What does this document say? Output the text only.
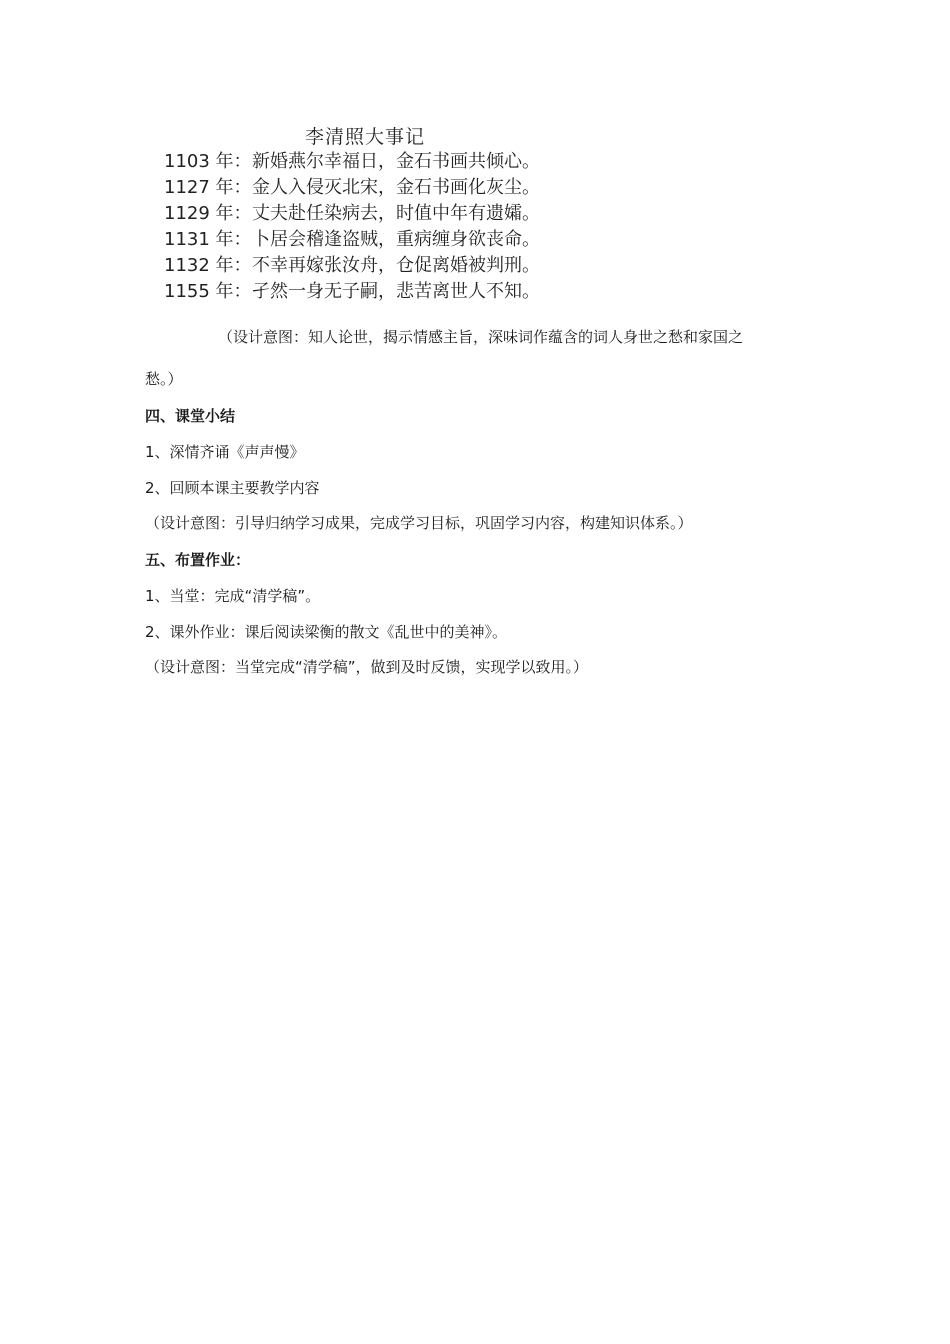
李清照大事记
1103 年：新婚燕尔幸福日，金石书画共倾心。
1127 年：金人入侵灭北宋，金石书画化灰尘。
1129 年：丈夫赴任染病去，时值中年有遗孀。
1131 年：卜居会稽逢盗贼，重病缠身欲丧命。
1132 年：不幸再嫁张汝舟，仓促离婚被判刑。
1155 年：孑然一身无子嗣，悲苦离世人不知。
（设计意图：知人论世，揭示情感主旨，深味词作蕴含的词人身世之愁和家国之
愁。）
四、课堂小结
1、深情齐诵《声声慢》
2、回顾本课主要教学内容
（设计意图：引导归纳学习成果，完成学习目标，巩固学习内容，构建知识体系。）
五、布置作业：
1、当堂：完成“清学稿”。
2、课外作业：课后阅读梁衡的散文《乱世中的美神》。
（设计意图：当堂完成“清学稿”，做到及时反馈，实现学以致用。）
